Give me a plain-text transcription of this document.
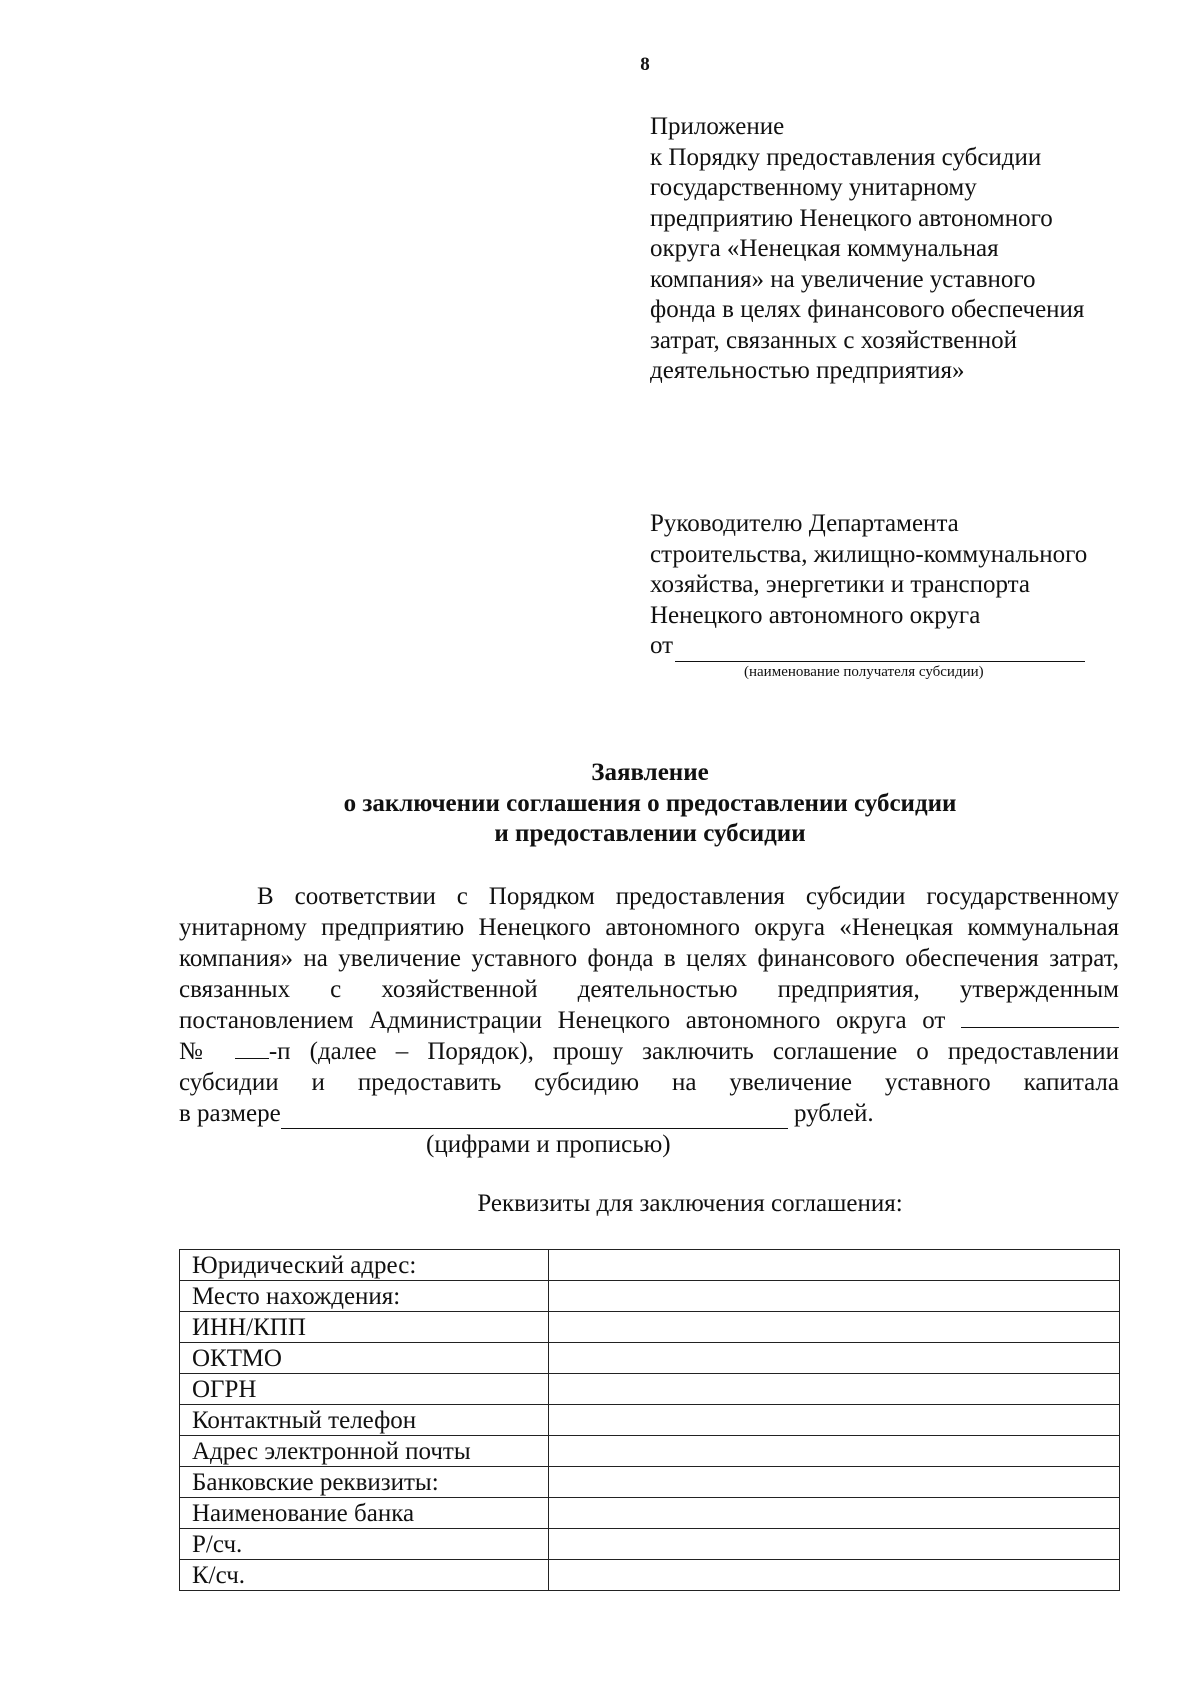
8
Приложение
к Порядку предоставления субсидии
государственному унитарному
предприятию Ненецкого автономного
округа «Ненецкая коммунальная
компания» на увеличение уставного
фонда в целях финансового обеспечения
затрат, связанных с хозяйственной
деятельностью предприятия»
Руководителю Департамента
строительства, жилищно-коммунального
хозяйства, энергетики и транспорта
Ненецкого автономного округа
от
(наименование получателя субсидии)
Заявление
о заключении соглашения о предоставлении субсидии
и предоставлении субсидии
В соответствии с Порядком предоставления субсидии государственному
унитарному предприятию Ненецкого автономного округа «Ненецкая коммунальная
компания» на увеличение уставного фонда в целях финансового обеспечения затрат,
связанных с хозяйственной деятельностью предприятия, утвержденным
постановлением Администрации Ненецкого автономного округа от
№ -п (далее – Порядок), прошу заключить соглашение о предоставлении
субсидии и предоставить субсидию на увеличение уставного капитала
в размере
	рублей.
(цифрами и прописью)
Реквизиты для заключения соглашения:
Юридический адрес:	
Место нахождения:	
ИНН/КПП	
ОКТМО	
ОГРН	
Контактный телефон	
Адрес электронной почты	
Банковские реквизиты:	
Наименование банка	
Р/сч.	
К/сч.	
